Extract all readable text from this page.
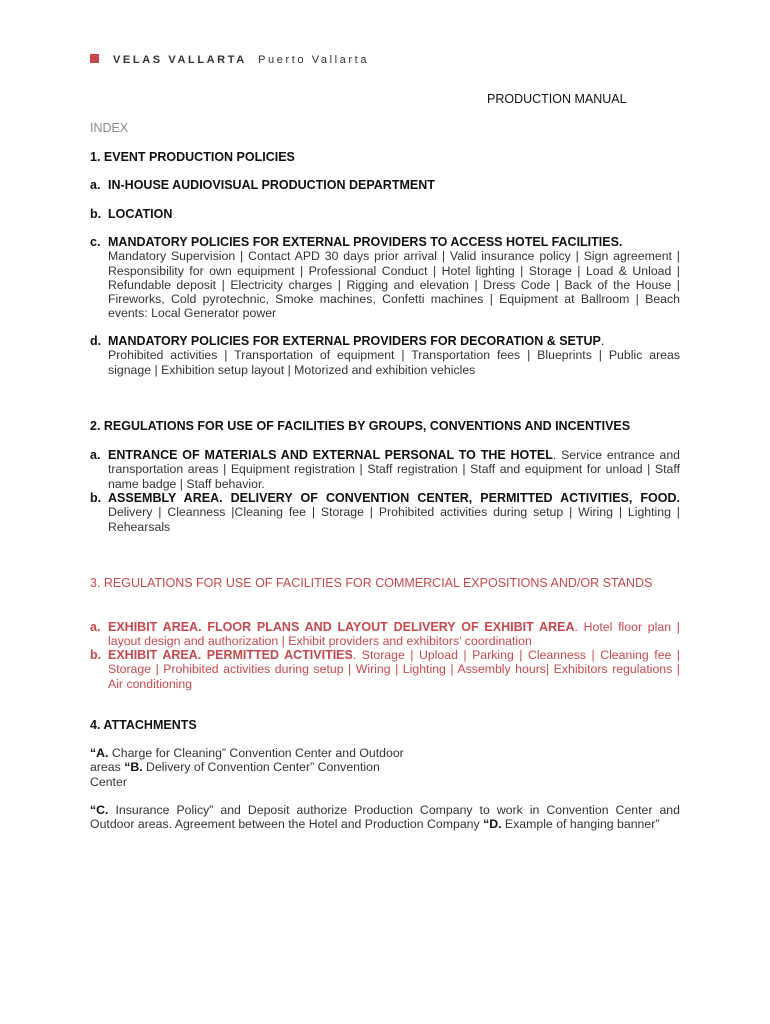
VELAS VALLARTA Puerto Vallarta
PRODUCTION MANUAL
INDEX
1. EVENT PRODUCTION POLICIES
a. IN-HOUSE AUDIOVISUAL PRODUCTION DEPARTMENT
b. LOCATION
c. MANDATORY POLICIES FOR EXTERNAL PROVIDERS TO ACCESS HOTEL FACILITIES.
Mandatory Supervision | Contact APD 30 days prior arrival | Valid insurance policy | Sign agreement | Responsibility for own equipment | Professional Conduct | Hotel lighting | Storage | Load & Unload | Refundable deposit | Electricity charges | Rigging and elevation | Dress Code | Back of the House | Fireworks, Cold pyrotechnic, Smoke machines, Confetti machines | Equipment at Ballroom | Beach events: Local Generator power
d. MANDATORY POLICIES FOR EXTERNAL PROVIDERS FOR DECORATION & SETUP.
Prohibited activities | Transportation of equipment | Transportation fees | Blueprints | Public areas signage | Exhibition setup layout | Motorized and exhibition vehicles
2. REGULATIONS FOR USE OF FACILITIES BY GROUPS, CONVENTIONS AND INCENTIVES
a. ENTRANCE OF MATERIALS AND EXTERNAL PERSONAL TO THE HOTEL. Service entrance and transportation areas | Equipment registration | Staff registration | Staff and equipment for unload | Staff name badge | Staff behavior.
b. ASSEMBLY AREA. DELIVERY OF CONVENTION CENTER, PERMITTED ACTIVITIES, FOOD. Delivery | Cleanness |Cleaning fee | Storage | Prohibited activities during setup | Wiring | Lighting | Rehearsals
3. REGULATIONS FOR USE OF FACILITIES FOR COMMERCIAL EXPOSITIONS AND/OR STANDS
a. EXHIBIT AREA. FLOOR PLANS AND LAYOUT DELIVERY OF EXHIBIT AREA. Hotel floor plan | layout design and authorization | Exhibit providers and exhibitors’ coordination
b. EXHIBIT AREA. PERMITTED ACTIVITIES. Storage | Upload | Parking | Cleanness | Cleaning fee | Storage | Prohibited activities during setup | Wiring | Lighting | Assembly hours| Exhibitors regulations | Air conditioning
4. ATTACHMENTS
“A. Charge for Cleaning” Convention Center and Outdoor areas “B. Delivery of Convention Center” Convention Center
“C. Insurance Policy” and Deposit authorize Production Company to work in Convention Center and Outdoor areas. Agreement between the Hotel and Production Company “D. Example of hanging banner”
